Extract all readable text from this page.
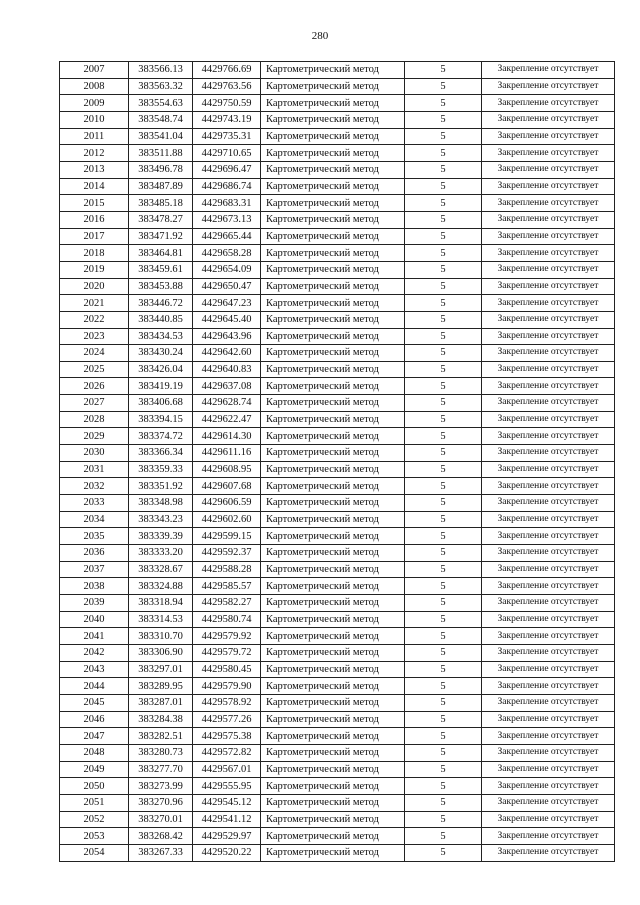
280
2007	383566.13	4429766.69	Картометрический метод	5	Закрепление отсутствует
2008	383563.32	4429763.56	Картометрический метод	5	Закрепление отсутствует
2009	383554.63	4429750.59	Картометрический метод	5	Закрепление отсутствует
2010	383548.74	4429743.19	Картометрический метод	5	Закрепление отсутствует
2011	383541.04	4429735.31	Картометрический метод	5	Закрепление отсутствует
2012	383511.88	4429710.65	Картометрический метод	5	Закрепление отсутствует
2013	383496.78	4429696.47	Картометрический метод	5	Закрепление отсутствует
2014	383487.89	4429686.74	Картометрический метод	5	Закрепление отсутствует
2015	383485.18	4429683.31	Картометрический метод	5	Закрепление отсутствует
2016	383478.27	4429673.13	Картометрический метод	5	Закрепление отсутствует
2017	383471.92	4429665.44	Картометрический метод	5	Закрепление отсутствует
2018	383464.81	4429658.28	Картометрический метод	5	Закрепление отсутствует
2019	383459.61	4429654.09	Картометрический метод	5	Закрепление отсутствует
2020	383453.88	4429650.47	Картометрический метод	5	Закрепление отсутствует
2021	383446.72	4429647.23	Картометрический метод	5	Закрепление отсутствует
2022	383440.85	4429645.40	Картометрический метод	5	Закрепление отсутствует
2023	383434.53	4429643.96	Картометрический метод	5	Закрепление отсутствует
2024	383430.24	4429642.60	Картометрический метод	5	Закрепление отсутствует
2025	383426.04	4429640.83	Картометрический метод	5	Закрепление отсутствует
2026	383419.19	4429637.08	Картометрический метод	5	Закрепление отсутствует
2027	383406.68	4429628.74	Картометрический метод	5	Закрепление отсутствует
2028	383394.15	4429622.47	Картометрический метод	5	Закрепление отсутствует
2029	383374.72	4429614.30	Картометрический метод	5	Закрепление отсутствует
2030	383366.34	4429611.16	Картометрический метод	5	Закрепление отсутствует
2031	383359.33	4429608.95	Картометрический метод	5	Закрепление отсутствует
2032	383351.92	4429607.68	Картометрический метод	5	Закрепление отсутствует
2033	383348.98	4429606.59	Картометрический метод	5	Закрепление отсутствует
2034	383343.23	4429602.60	Картометрический метод	5	Закрепление отсутствует
2035	383339.39	4429599.15	Картометрический метод	5	Закрепление отсутствует
2036	383333.20	4429592.37	Картометрический метод	5	Закрепление отсутствует
2037	383328.67	4429588.28	Картометрический метод	5	Закрепление отсутствует
2038	383324.88	4429585.57	Картометрический метод	5	Закрепление отсутствует
2039	383318.94	4429582.27	Картометрический метод	5	Закрепление отсутствует
2040	383314.53	4429580.74	Картометрический метод	5	Закрепление отсутствует
2041	383310.70	4429579.92	Картометрический метод	5	Закрепление отсутствует
2042	383306.90	4429579.72	Картометрический метод	5	Закрепление отсутствует
2043	383297.01	4429580.45	Картометрический метод	5	Закрепление отсутствует
2044	383289.95	4429579.90	Картометрический метод	5	Закрепление отсутствует
2045	383287.01	4429578.92	Картометрический метод	5	Закрепление отсутствует
2046	383284.38	4429577.26	Картометрический метод	5	Закрепление отсутствует
2047	383282.51	4429575.38	Картометрический метод	5	Закрепление отсутствует
2048	383280.73	4429572.82	Картометрический метод	5	Закрепление отсутствует
2049	383277.70	4429567.01	Картометрический метод	5	Закрепление отсутствует
2050	383273.99	4429555.95	Картометрический метод	5	Закрепление отсутствует
2051	383270.96	4429545.12	Картометрический метод	5	Закрепление отсутствует
2052	383270.01	4429541.12	Картометрический метод	5	Закрепление отсутствует
2053	383268.42	4429529.97	Картометрический метод	5	Закрепление отсутствует
2054	383267.33	4429520.22	Картометрический метод	5	Закрепление отсутствует
